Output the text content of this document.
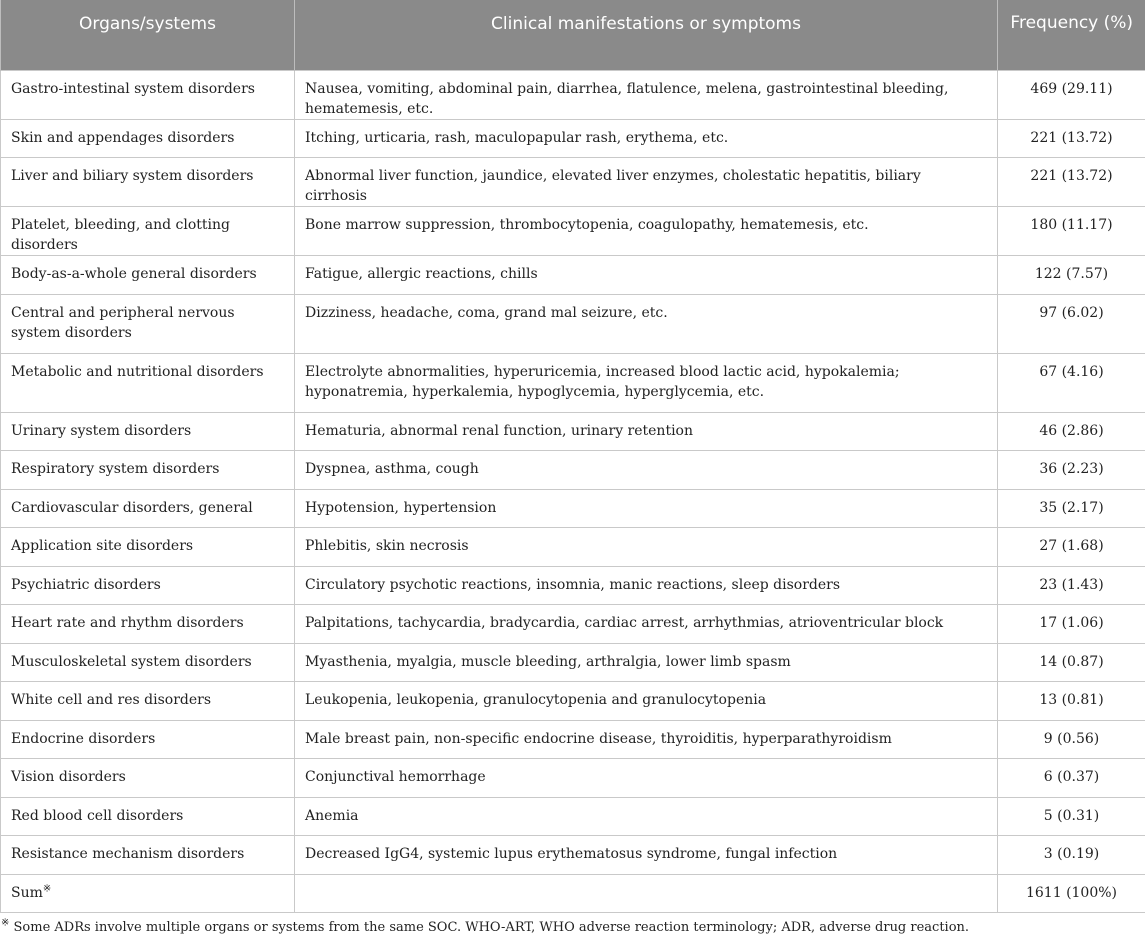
Organs/systems	Clinical manifestations or symptoms	Frequency (%)
Gastro-intestinal system disorders	Nausea, vomiting, abdominal pain, diarrhea, flatulence, melena, gastrointestinal bleeding, hematemesis, etc.	469 (29.11)
Skin and appendages disorders	Itching, urticaria, rash, maculopapular rash, erythema, etc.	221 (13.72)
Liver and biliary system disorders	Abnormal liver function, jaundice, elevated liver enzymes, cholestatic hepatitis, biliary cirrhosis	221 (13.72)
Platelet, bleeding, and clotting disorders	Bone marrow suppression, thrombocytopenia, coagulopathy, hematemesis, etc.	180 (11.17)
Body-as-a-whole general disorders	Fatigue, allergic reactions, chills	122 (7.57)
Central and peripheral nervous system disorders	Dizziness, headache, coma, grand mal seizure, etc.	97 (6.02)
Metabolic and nutritional disorders	Electrolyte abnormalities, hyperuricemia, increased blood lactic acid, hypokalemia; hyponatremia, hyperkalemia, hypoglycemia, hyperglycemia, etc.	67 (4.16)
Urinary system disorders	Hematuria, abnormal renal function, urinary retention	46 (2.86)
Respiratory system disorders	Dyspnea, asthma, cough	36 (2.23)
Cardiovascular disorders, general	Hypotension, hypertension	35 (2.17)
Application site disorders	Phlebitis, skin necrosis	27 (1.68)
Psychiatric disorders	Circulatory psychotic reactions, insomnia, manic reactions, sleep disorders	23 (1.43)
Heart rate and rhythm disorders	Palpitations, tachycardia, bradycardia, cardiac arrest, arrhythmias, atrioventricular block	17 (1.06)
Musculoskeletal system disorders	Myasthenia, myalgia, muscle bleeding, arthralgia, lower limb spasm	14 (0.87)
White cell and res disorders	Leukopenia, leukopenia, granulocytopenia and granulocytopenia	13 (0.81)
Endocrine disorders	Male breast pain, non-specific endocrine disease, thyroiditis, hyperparathyroidism	9 (0.56)
Vision disorders	Conjunctival hemorrhage	6 (0.37)
Red blood cell disorders	Anemia	5 (0.31)
Resistance mechanism disorders	Decreased IgG4, systemic lupus erythematosus syndrome, fungal infection	3 (0.19)
Sum※		1611 (100%)
※ Some ADRs involve multiple organs or systems from the same SOC. WHO-ART, WHO adverse reaction terminology; ADR, adverse drug reaction.
